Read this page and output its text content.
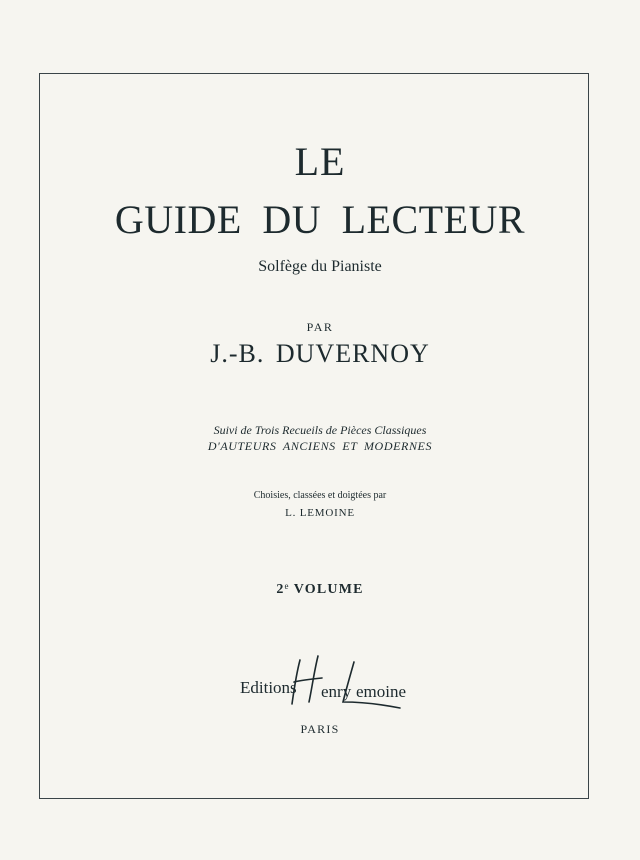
LE
GUIDE DU LECTEUR
Solfège du Pianiste
PAR
J.-B. DUVERNOY
Suivi de Trois Recueils de Pièces Classiques
D'AUTEURS ANCIENS ET MODERNES
Choisies, classées et doigtées par
L. LEMOINE
2e VOLUME
Editions enry emoine
PARIS
